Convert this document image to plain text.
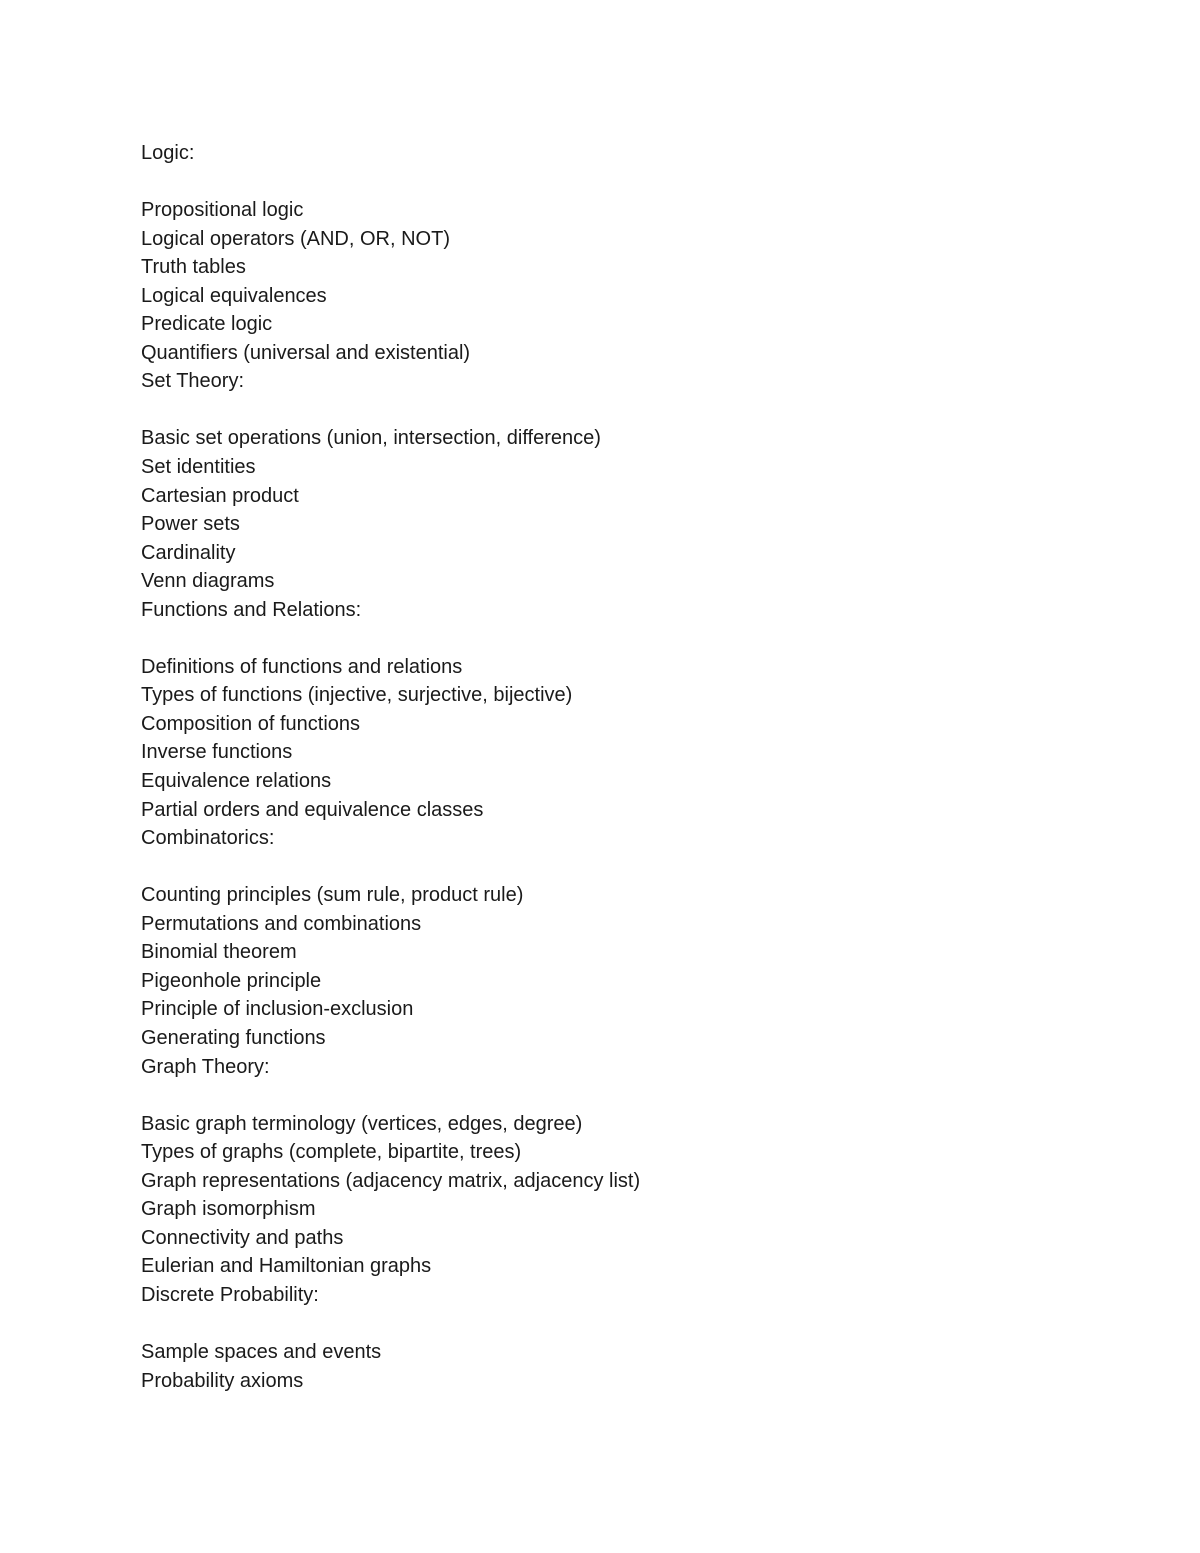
Logic:
Propositional logic
Logical operators (AND, OR, NOT)
Truth tables
Logical equivalences
Predicate logic
Quantifiers (universal and existential)
Set Theory:
Basic set operations (union, intersection, difference)
Set identities
Cartesian product
Power sets
Cardinality
Venn diagrams
Functions and Relations:
Definitions of functions and relations
Types of functions (injective, surjective, bijective)
Composition of functions
Inverse functions
Equivalence relations
Partial orders and equivalence classes
Combinatorics:
Counting principles (sum rule, product rule)
Permutations and combinations
Binomial theorem
Pigeonhole principle
Principle of inclusion-exclusion
Generating functions
Graph Theory:
Basic graph terminology (vertices, edges, degree)
Types of graphs (complete, bipartite, trees)
Graph representations (adjacency matrix, adjacency list)
Graph isomorphism
Connectivity and paths
Eulerian and Hamiltonian graphs
Discrete Probability:
Sample spaces and events
Probability axioms
